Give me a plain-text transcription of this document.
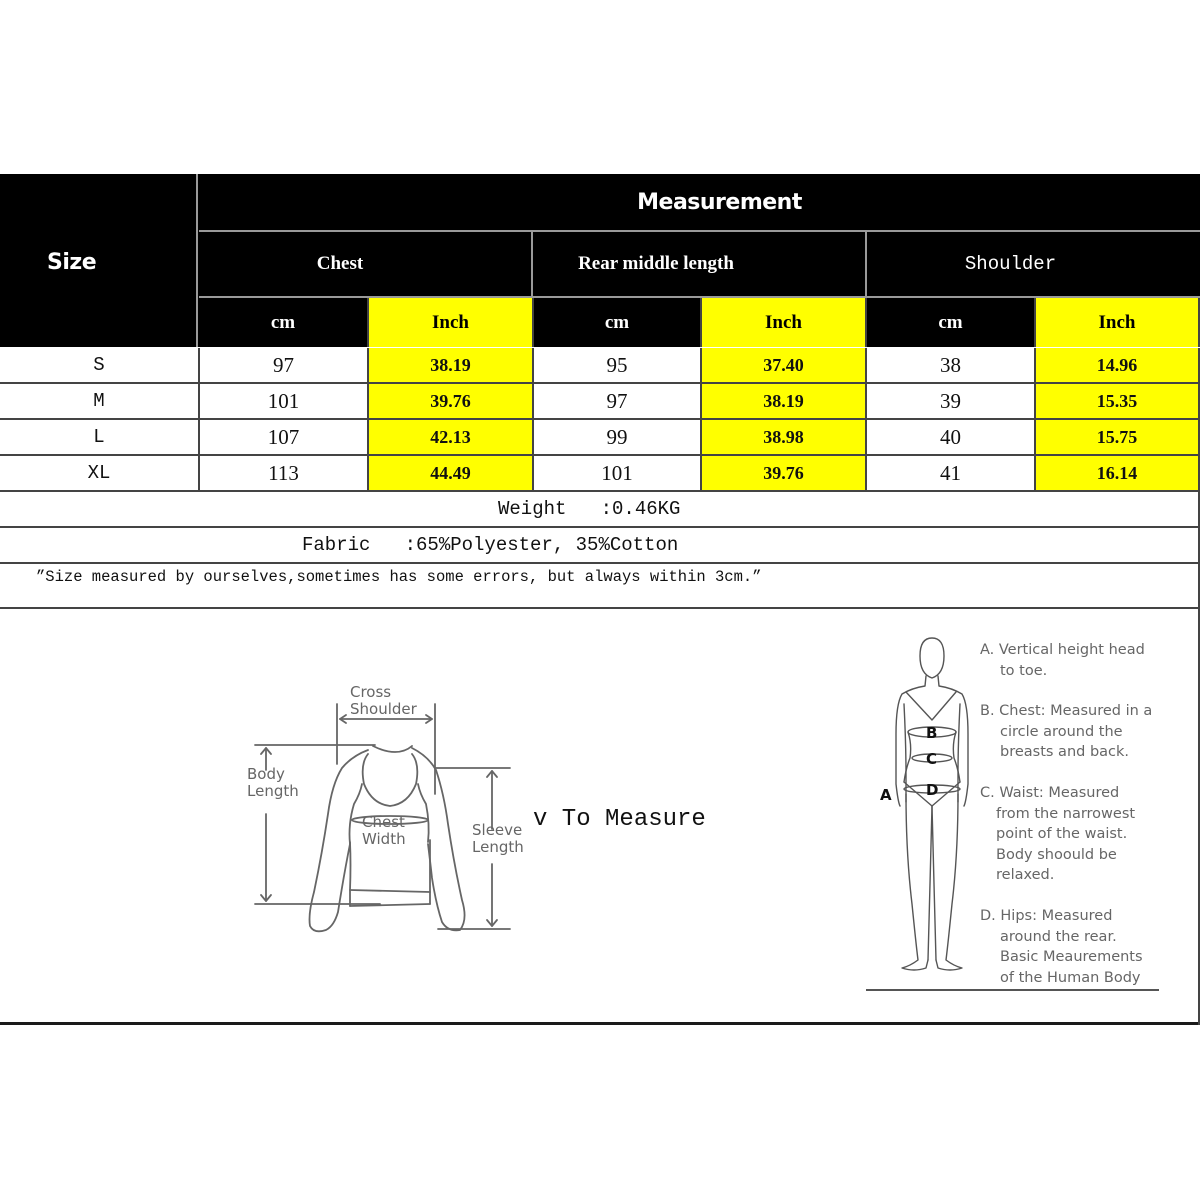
Size
Measurement
Chest	Rear middle length	Shoulder
cm	Inch	cm	Inch	cm	Inch
S	97	38.19	95	37.40	38	14.96
M	101	39.76	97	38.19	39	15.35
L	107	42.13	99	38.98	40	15.75
XL	113	44.49	101	39.76	41	16.14
Weight   :0.46KG
Fabric   :65%Polyester, 35%Cotton
”Size measured by ourselves,sometimes has some errors, but always within 3cm.”
Cross
Shoulder
Body
Length
Chest
Width	Sleeve
Length
v To Measure
B
C
D
A
A. Vertical height head
to toe.
B. Chest: Measured in a
circle around the
breasts and back.
C. Waist: Measured
from the narrowest
point of the waist.
Body shoould be
relaxed.
D. Hips: Measured
around the rear.
Basic Meaurements
of the Human Body
